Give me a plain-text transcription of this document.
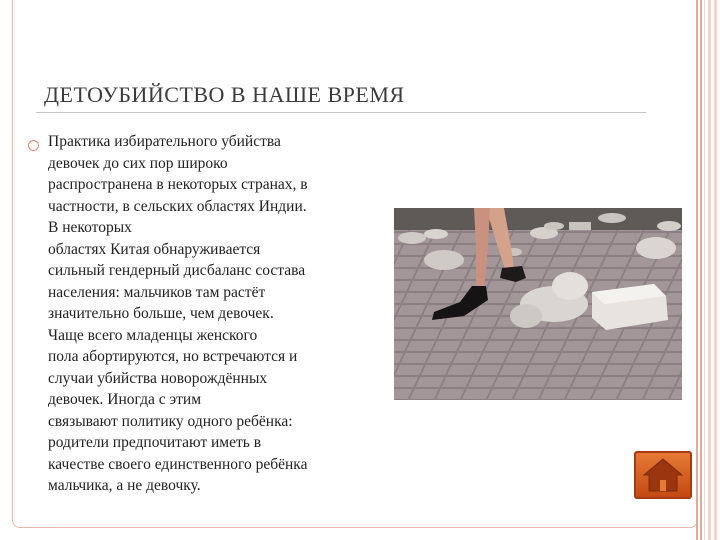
ДЕТОУБИЙСТВО В НАШЕ ВРЕМЯ
Практика избирательного убийства
девочек до сих пор широко
распространена в некоторых странах, в
частности, в сельских областях Индии.
В некоторых
областях Китая обнаруживается
сильный гендерный дисбаланс состава
населения: мальчиков там растёт
значительно больше, чем девочек.
Чаще всего младенцы женского
пола абортируются, но встречаются и
случаи убийства новорождённых
девочек. Иногда с этим
связывают политику одного ребёнка:
родители предпочитают иметь в
качестве своего единственного ребёнка
мальчика, а не девочку.
